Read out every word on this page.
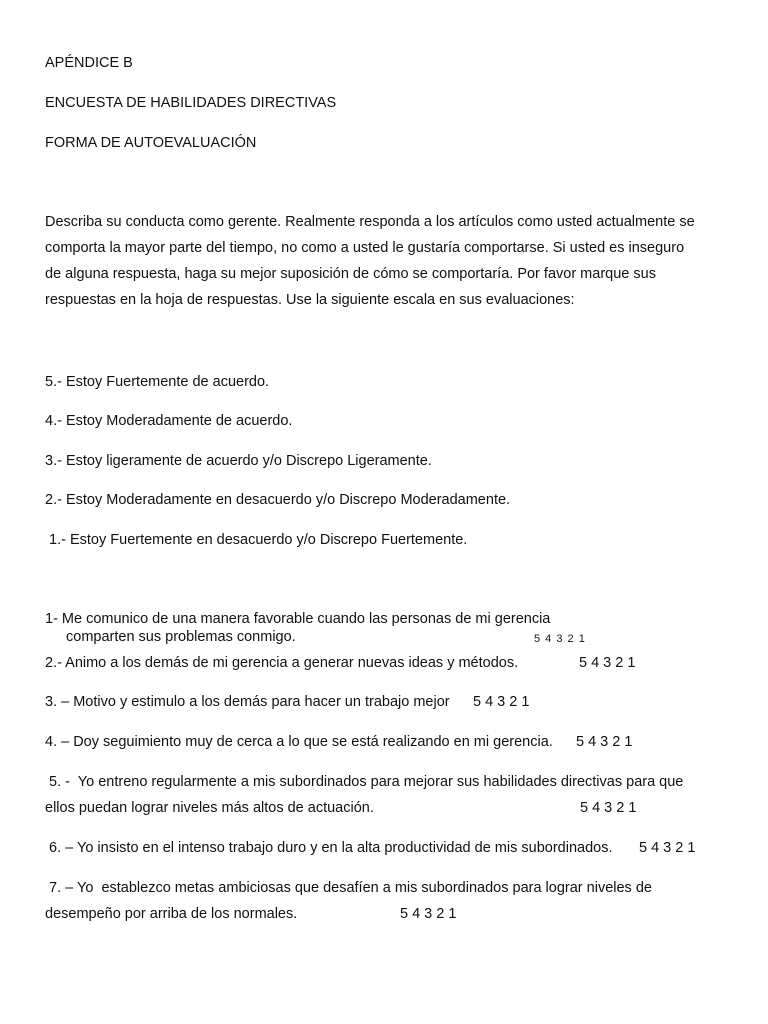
APÉNDICE B
ENCUESTA DE HABILIDADES DIRECTIVAS
FORMA DE AUTOEVALUACIÓN
Describa su conducta como gerente. Realmente responda a los artículos como usted actualmente se
comporta la mayor parte del tiempo, no como a usted le gustaría comportarse. Si usted es inseguro
de alguna respuesta, haga su mejor suposición de cómo se comportaría. Por favor marque sus
respuestas en la hoja de respuestas. Use la siguiente escala en sus evaluaciones:
5.- Estoy Fuertemente de acuerdo.
4.- Estoy Moderadamente de acuerdo.
3.- Estoy ligeramente de acuerdo y/o Discrepo Ligeramente.
2.- Estoy Moderadamente en desacuerdo y/o Discrepo Moderadamente.
1.- Estoy Fuertemente en desacuerdo y/o Discrepo Fuertemente.
1- Me comunico de una manera favorable cuando las personas de mi gerencia
comparten sus problemas conmigo.	5 4 3 2 1
2.- Animo a los demás de mi gerencia a generar nuevas ideas y métodos.	5 4 3 2 1
3. – Motivo y estimulo a los demás para hacer un trabajo mejor 5 4 3 2 1
4. – Doy seguimiento muy de cerca a lo que se está realizando en mi gerencia. 5 4 3 2 1
5. -  Yo entreno regularmente a mis subordinados para mejorar sus habilidades directivas para que
ellos puedan lograr niveles más altos de actuación.	5 4 3 2 1
6. – Yo insisto en el intenso trabajo duro y en la alta productividad de mis subordinados. 5 4 3 2 1
7. – Yo  establezco metas ambiciosas que desafíen a mis subordinados para lograr niveles de
desempeño por arriba de los normales.	5 4 3 2 1
